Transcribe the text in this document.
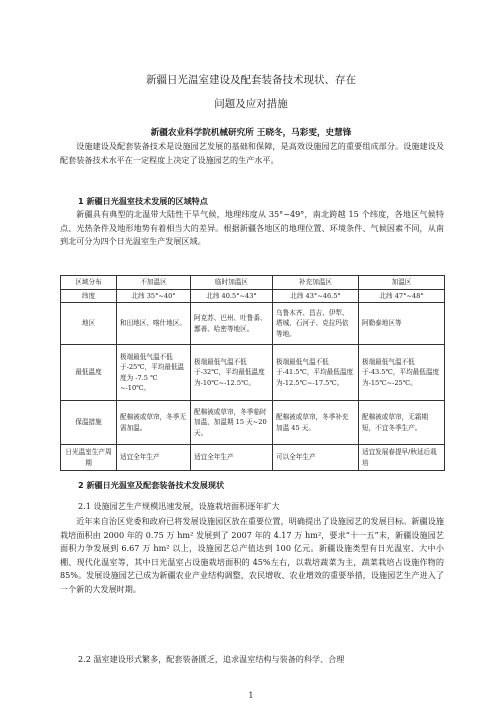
新疆日光温室建设及配套装备技术现状、存在
问题及应对措施
新疆农业科学院机械研究所 王晓冬，马彩雯，史慧锋

设施建设及配套装备技术是设施园艺发展的基础和保障，是高效设施园艺的重要组成部分。设施建设及配套装备技术水平在一定程度上决定了设施园艺的生产水平。

1 新疆日光温室技术发展的区域特点

新疆具有典型的北温带大陆性干旱气候，地理纬度从 35°~49°，南北跨越 15 个纬度，各地区气候特点、光热条件及地形地势有着相当大的差异。根据新疆各地区的地理位置、环境条件、气候因素不同，从南到北可分为四个日光温室生产发展区域。

区域分布	不加温区	临时加温区	补充加温区	加温区
纬度	北纬 35°~40°	北纬 40.5°~43°	北纬 43°~46.5°	北纬 47°~48°
地区	和田地区、喀什地区。	阿克苏、巴州、吐鲁番、鄯善、哈密等地区。	乌鲁木齐、昌吉、伊犁、塔城、石河子、克拉玛依等地。	阿勒泰地区等
最低温度	极端最低气温不低于-25℃，平均最低温度为 -7.5 ℃ ~-10℃。	极端最低气温不低于-32℃，平均最低温度为-10℃~-12.5℃。	极端最低气温不低于-41.5℃，平均最低温度为-12.5℃~-17.5℃。	极端最低气温不低于-43.5℃，平均最低温度为-15℃~-25℃。
保温措施	配棉被或草帘，冬季无需加温。	配棉被或草帘，冬季临时加温，加温期 15 天~20 天。	配棉被或草帘，冬季补充加温 45 天。	配棉被或草帘，无霜期短，不宜冬季生产。
日光温室生产周期	适宜全年生产	适宜全年生产	可以全年生产	适宜发展春提早/秋延后栽培
2 新疆日光温室及配套装备技术发展现状
2.1 设施园艺生产规模迅速发展，设施栽培面积逐年扩大

近年来自治区党委和政府已将发展设施园区放在重要位置，明确提出了设施园艺的发展目标。新疆设施栽培面积由 2000 年的 0.75 万 hm² 发展到了 2007 年的 4.17 万 hm²，要求“十一五”末，新疆设施园艺面积力争发展到 6.67 万 hm² 以上，设施园艺总产值达到 100 亿元。新疆设施类型有日光温室、大中小棚、现代化温室等，其中日光温室占设施栽培面积的 45%左右，以栽培蔬菜为主，蔬菜栽培占设施作物的 85%。发展设施园艺已成为新疆农业产业结构调整，农民增收、农业增效的重要举措，设施园艺生产进入了一个新的大发展时期。

2.2 温室建设形式繁多，配套装备匮乏，追求温室结构与装备的科学、合理
1
